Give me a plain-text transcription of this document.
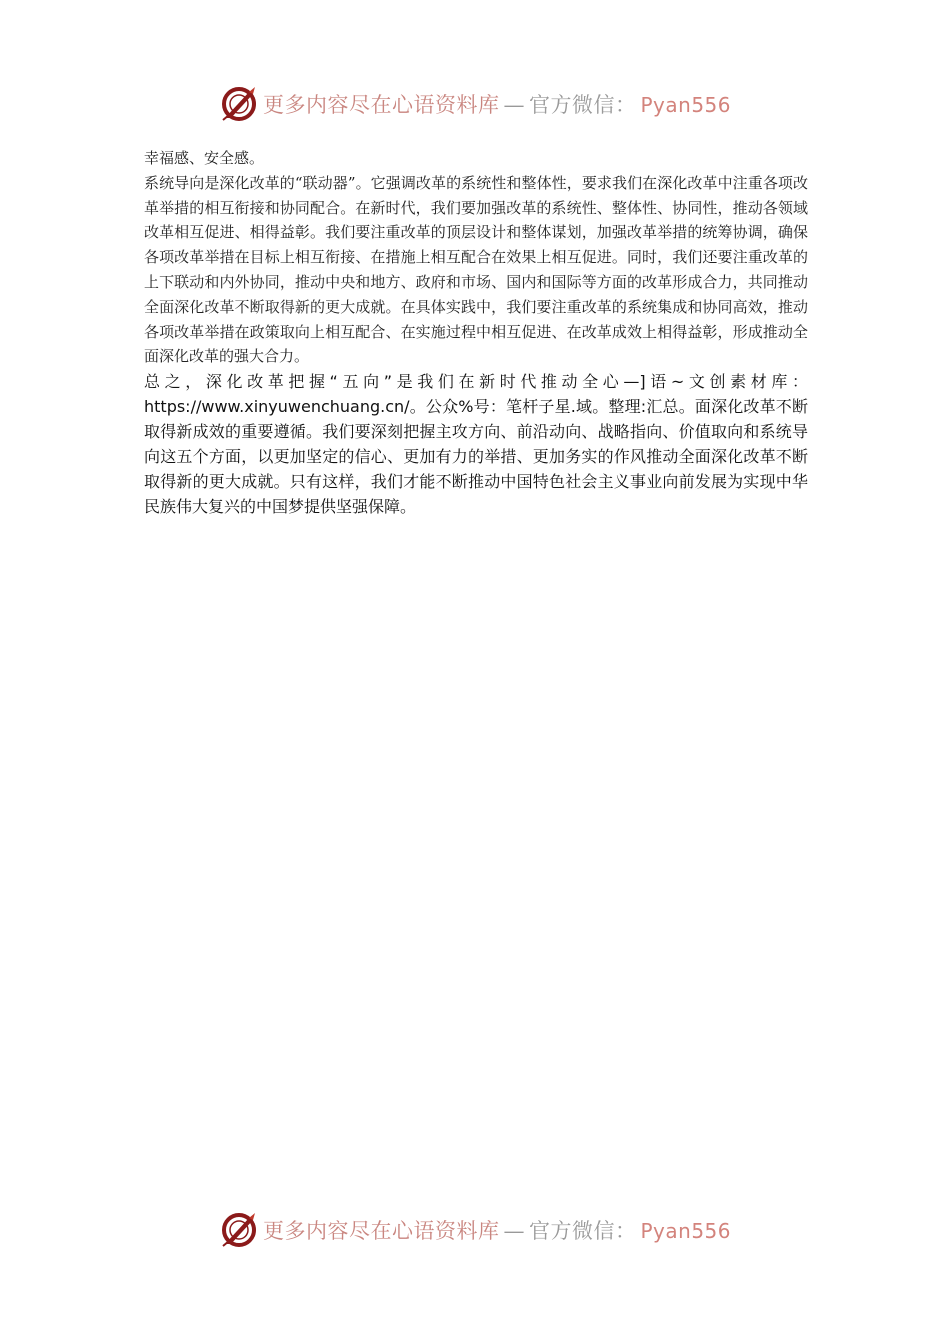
更多内容尽在心语资料库 — 官方微信： Pyan556

幸福感、安全感。

系统导向是深化改革的“联动器”。它强调改革的系统性和整体性，要求我们在深化改革中注重各项改革举措的相互衔接和协同配合。在新时代，我们要加强改革的系统性、整体性、协同性，推动各领域改革相互促进、相得益彰。我们要注重改革的顶层设计和整体谋划，加强改革举措的统筹协调，确保各项改革举措在目标上相互衔接、在措施上相互配合在效果上相互促进。同时，我们还要注重改革的上下联动和内外协同，推动中央和地方、政府和市场、国内和国际等方面的改革形成合力，共同推动全面深化改革不断取得新的更大成就。在具体实践中，我们要注重改革的系统集成和协同高效，推动各项改革举措在政策取向上相互配合、在实施过程中相互促进、在改革成效上相得益彰，形成推动全面深化改革的强大合力。

总之，深化改革把握“五向”是我们在新时代推动全心—]语~文创素材库：https://www.xinyuwenchuang.cn/。公众%号：笔杆子星.域。整理:汇总。面深化改革不断取得新成效的重要遵循。我们要深刻把握主攻方向、前沿动向、战略指向、价值取向和系统导向这五个方面，以更加坚定的信心、更加有力的举措、更加务实的作风推动全面深化改革不断取得新的更大成就。只有这样，我们才能不断推动中国特色社会主义事业向前发展为实现中华民族伟大复兴的中国梦提供坚强保障。

更多内容尽在心语资料库 — 官方微信： Pyan556
